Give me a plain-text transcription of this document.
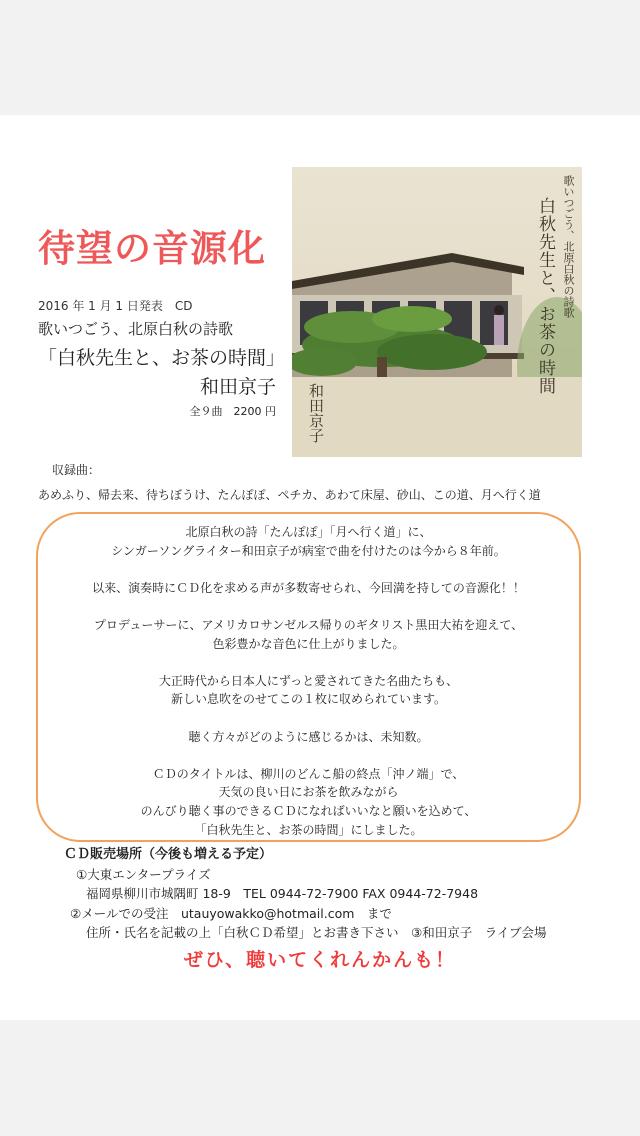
待望の音源化
2016 年 1 月 1 日発表　CD
歌いつごう、北原白秋の詩歌
「白秋先生と、お茶の時間」
和田京子
全９曲　2200 円
歌いつごう、北原白秋の詩歌
白秋先生と、お茶の時間
和田京子
収録曲：
あめふり、帰去来、待ちぼうけ、たんぽぽ、ペチカ、あわて床屋、砂山、この道、月へ行く道

北原白秋の詩「たんぽぽ」「月へ行く道」に、

シンガーソングライター和田京子が病室で曲を付けたのは今から８年前。

以来、演奏時にＣＤ化を求める声が多数寄せられ、今回満を持しての音源化！！

プロデューサーに、アメリカロサンゼルス帰りのギタリスト黒田大祐を迎えて、

色彩豊かな音色に仕上がりました。

大正時代から日本人にずっと愛されてきた名曲たちも、

新しい息吹をのせてこの１枚に収められています。

聴く方々がどのように感じるかは、未知数。

ＣＤのタイトルは、柳川のどんこ船の終点「沖ノ端」で、

天気の良い日にお茶を飲みながら

のんびり聴く事のできるＣＤになればいいなと願いを込めて、

「白秋先生と、お茶の時間」にしました。

ＣＤ販売場所（今後も増える予定）
①大東エンタープライズ
福岡県柳川市城隅町 18-9　TEL 0944-72-7900 FAX 0944-72-7948
②メールでの受注　utauyowakko@hotmail.com　まで
住所・氏名を記載の上「白秋ＣＤ希望」とお書き下さい　③和田京子　ライブ会場
ぜひ、聴いてくれんかんも！
